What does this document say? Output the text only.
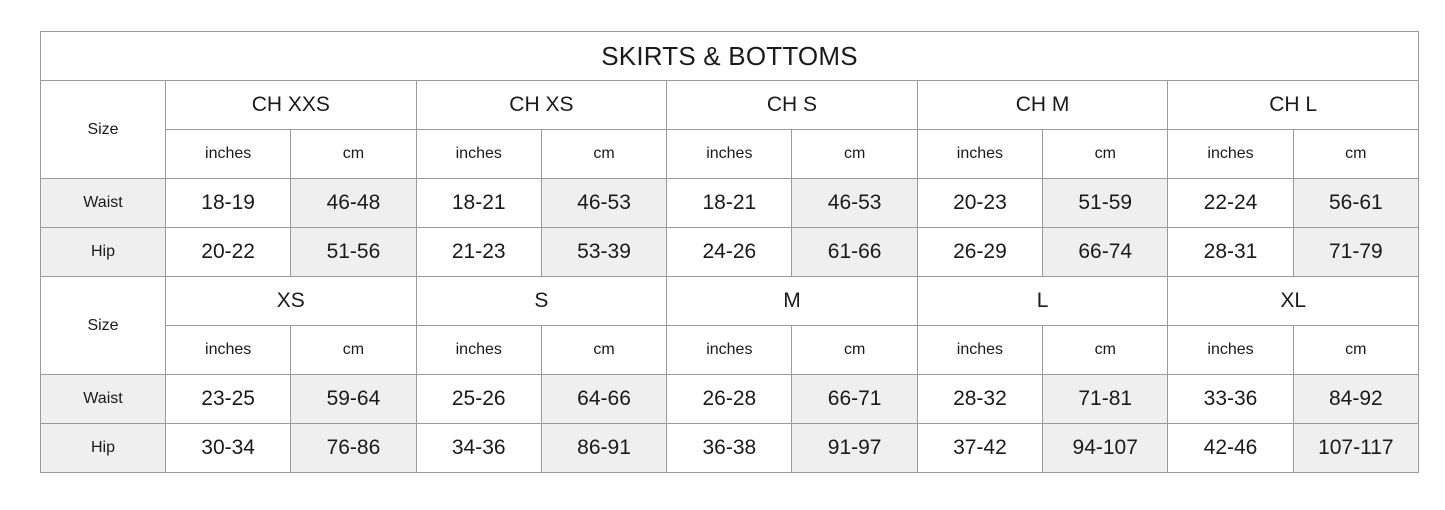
SKIRTS & BOTTOMS										
Size	CH XXS		CH XS		CH S		CH M		CH L	
	inches	cm	inches	cm	inches	cm	inches	cm	inches	cm
Waist	18-19	46-48	18-21	46-53	18-21	46-53	20-23	51-59	22-24	56-61
Hip	20-22	51-56	21-23	53-39	24-26	61-66	26-29	66-74	28-31	71-79
Size	XS		S		M		L		XL	
	inches	cm	inches	cm	inches	cm	inches	cm	inches	cm
Waist	23-25	59-64	25-26	64-66	26-28	66-71	28-32	71-81	33-36	84-92
Hip	30-34	76-86	34-36	86-91	36-38	91-97	37-42	94-107	42-46	107-117
